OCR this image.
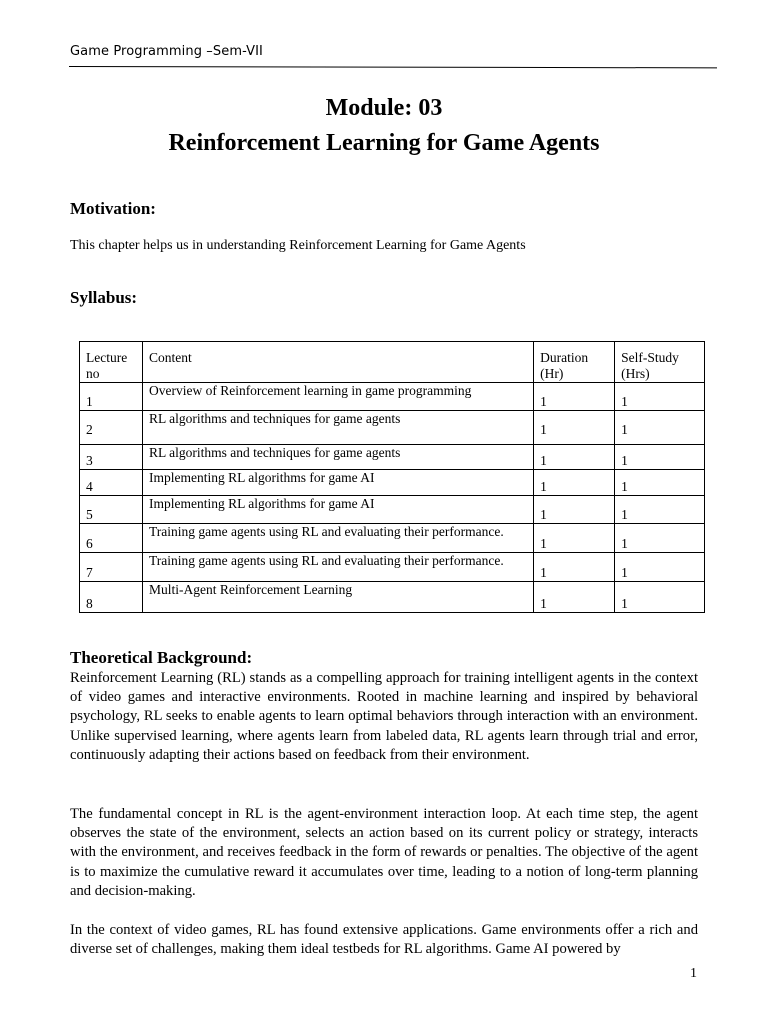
Game Programming –Sem-VII
Module: 03
Reinforcement Learning for Game Agents
Motivation:
This chapter helps us in understanding Reinforcement Learning for Game Agents
Syllabus:
Lecture no	Content	Duration (Hr)	Self-Study (Hrs)
1	Overview of Reinforcement learning in game programming	1	1
2	RL algorithms and techniques for game agents	1	1
3	RL algorithms and techniques for game agents	1	1
4	Implementing RL algorithms for game AI	1	1
5	Implementing RL algorithms for game AI	1	1
6	Training game agents using RL and evaluating their performance.	1	1
7	Training game agents using RL and evaluating their performance.	1	1
8	Multi-Agent Reinforcement Learning	1	1
Theoretical Background:

Reinforcement Learning (RL) stands as a compelling approach for training intelligent agents in the context of video games and interactive environments. Rooted in machine learning and inspired by behavioral psychology, RL seeks to enable agents to learn optimal behaviors through interaction with an environment. Unlike supervised learning, where agents learn from labeled data, RL agents learn through trial and error, continuously adapting their actions based on feedback from their environment.

The fundamental concept in RL is the agent-environment interaction loop. At each time step, the agent observes the state of the environment, selects an action based on its current policy or strategy, interacts with the environment, and receives feedback in the form of rewards or penalties. The objective of the agent is to maximize the cumulative reward it accumulates over time, leading to a notion of long-term planning and decision-making.

In the context of video games, RL has found extensive applications. Game environments offer a rich and diverse set of challenges, making them ideal testbeds for RL algorithms. Game AI powered by

1
